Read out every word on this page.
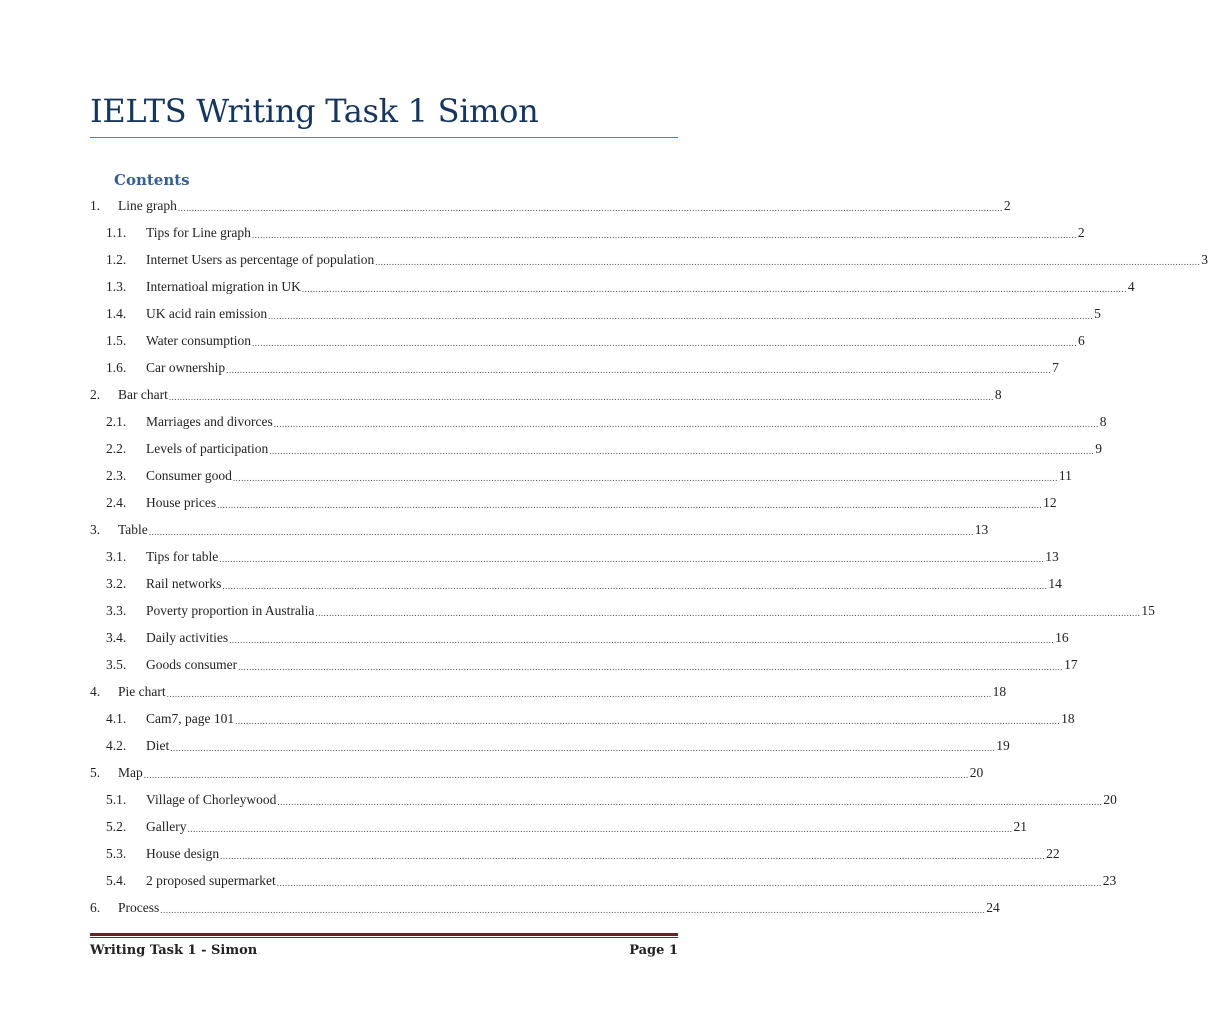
IELTS Writing Task 1 Simon
Contents
1.	Line graph ............................................................................................................................................................................................................................................................................................................ 2
1.1.	Tips for Line graph ............................................................................................................................................................................................................................................................................................................ 2
1.2.	Internet Users as percentage of population ............................................................................................................................................................................................................................................................................................................ 3
1.3.	Internatioal migration in UK ............................................................................................................................................................................................................................................................................................................ 4
1.4.	UK acid rain emission ............................................................................................................................................................................................................................................................................................................ 5
1.5.	Water consumption ............................................................................................................................................................................................................................................................................................................ 6
1.6.	Car ownership ............................................................................................................................................................................................................................................................................................................ 7
2.	Bar chart ............................................................................................................................................................................................................................................................................................................ 8
2.1.	Marriages and divorces ............................................................................................................................................................................................................................................................................................................ 8
2.2.	Levels of participation ............................................................................................................................................................................................................................................................................................................ 9
2.3.	Consumer good ............................................................................................................................................................................................................................................................................................................ 11
2.4.	House prices ............................................................................................................................................................................................................................................................................................................ 12
3.	Table ............................................................................................................................................................................................................................................................................................................ 13
3.1.	Tips for table ............................................................................................................................................................................................................................................................................................................ 13
3.2.	Rail networks ............................................................................................................................................................................................................................................................................................................ 14
3.3.	Poverty proportion in Australia ............................................................................................................................................................................................................................................................................................................ 15
3.4.	Daily activities ............................................................................................................................................................................................................................................................................................................ 16
3.5.	Goods consumer ............................................................................................................................................................................................................................................................................................................ 17
4.	Pie chart ............................................................................................................................................................................................................................................................................................................ 18
4.1.	Cam7, page 101 ............................................................................................................................................................................................................................................................................................................ 18
4.2.	Diet ............................................................................................................................................................................................................................................................................................................ 19
5.	Map ............................................................................................................................................................................................................................................................................................................ 20
5.1.	Village of Chorleywood ............................................................................................................................................................................................................................................................................................................ 20
5.2.	Gallery ............................................................................................................................................................................................................................................................................................................ 21
5.3.	House design ............................................................................................................................................................................................................................................................................................................ 22
5.4.	2 proposed supermarket ............................................................................................................................................................................................................................................................................................................ 23
6.	Process ............................................................................................................................................................................................................................................................................................................ 24
Writing Task 1 - Simon	Page 1
